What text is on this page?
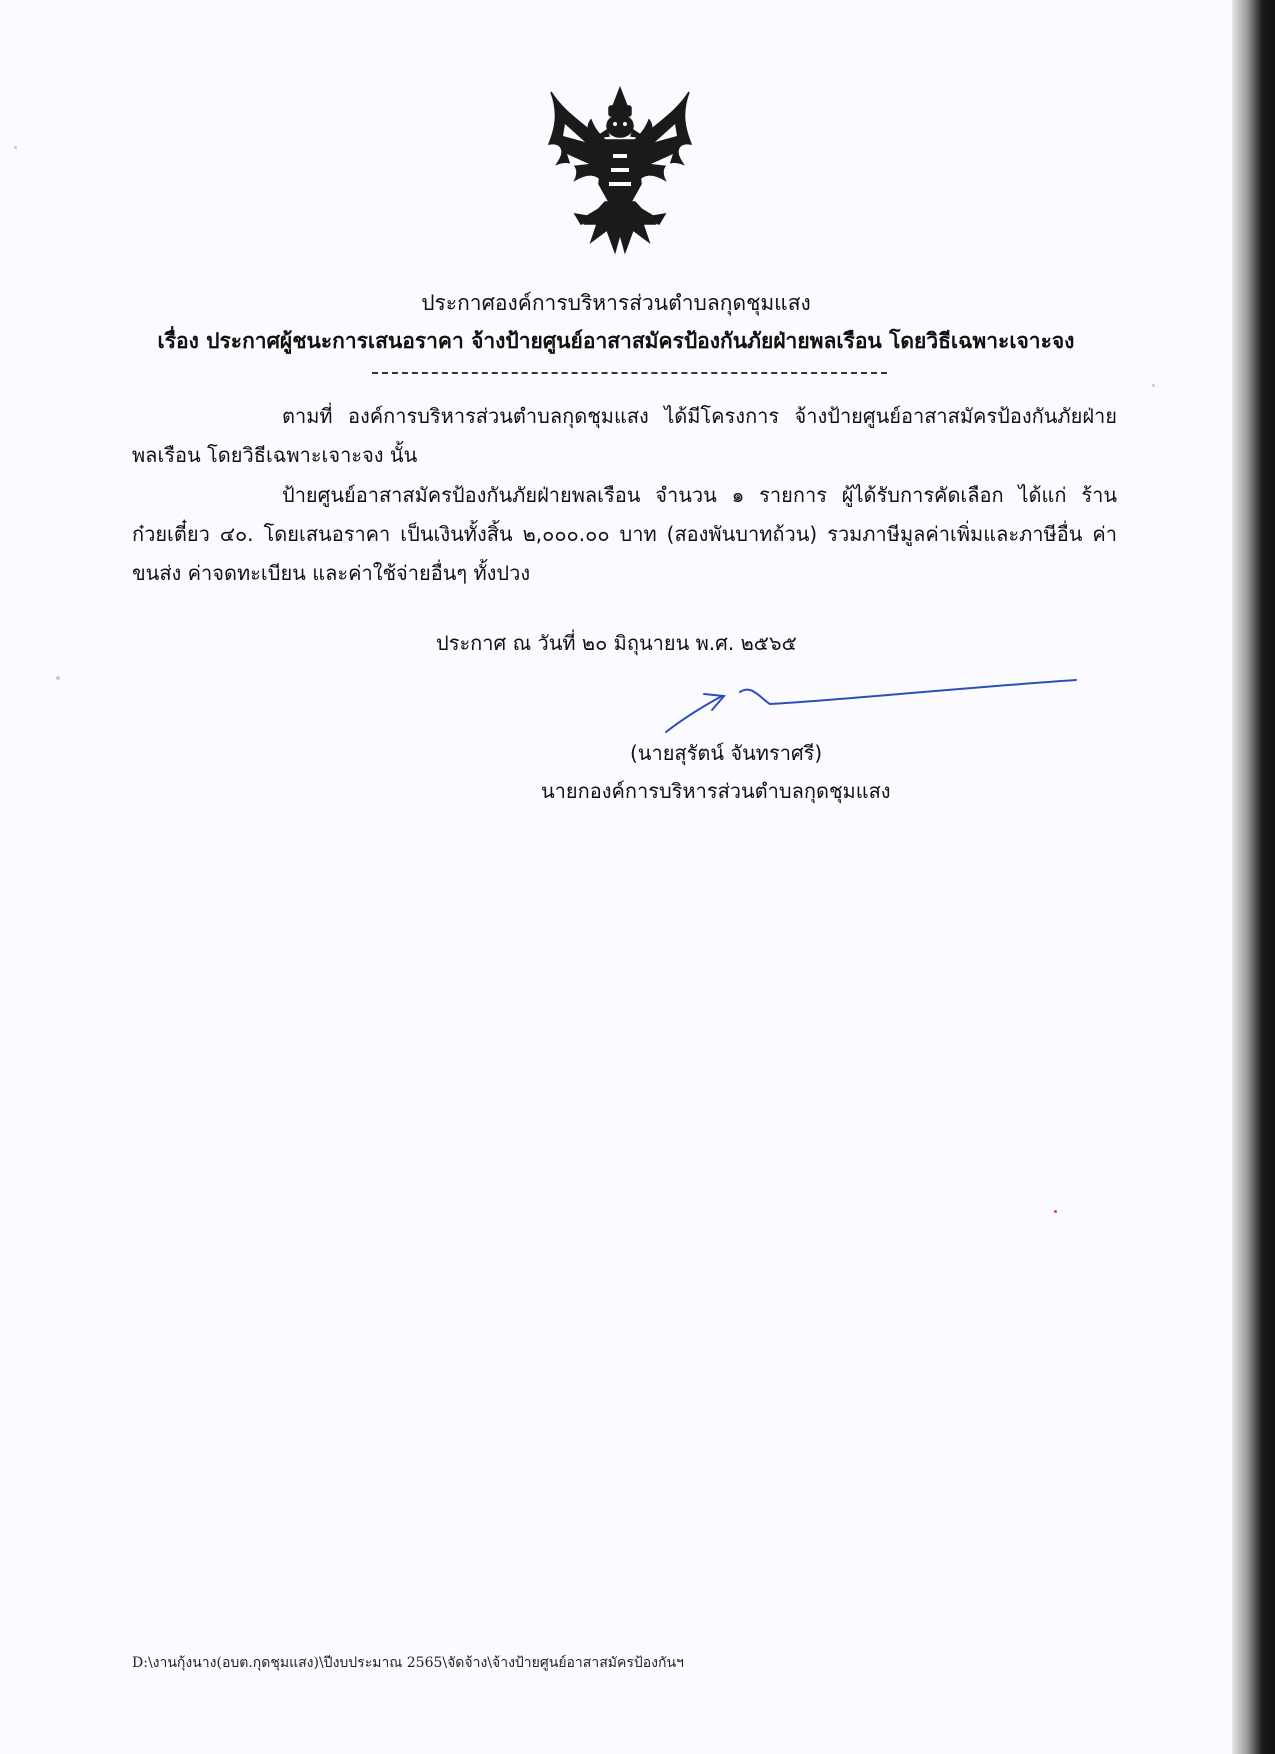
ประกาศองค์การบริหารส่วนตำบลกุดชุมแสง
เรื่อง ประกาศผู้ชนะการเสนอราคา จ้างป้ายศูนย์อาสาสมัครป้องกันภัยฝ่ายพลเรือน โดยวิธีเฉพาะเจาะจง
ตามที่ องค์การบริหารส่วนตำบลกุดชุมแสง ได้มีโครงการ จ้างป้ายศูนย์อาสาสมัครป้องกันภัยฝ่ายพลเรือน โดยวิธีเฉพาะเจาะจง นั้น
ป้ายศูนย์อาสาสมัครป้องกันภัยฝ่ายพลเรือน จำนวน ๑ รายการ ผู้ได้รับการคัดเลือก ได้แก่ ร้านก๋วยเตี๋ยว ๔๐. โดยเสนอราคา เป็นเงินทั้งสิ้น ๒,๐๐๐.๐๐ บาท (สองพันบาทถ้วน) รวมภาษีมูลค่าเพิ่มและภาษีอื่น ค่าขนส่ง ค่าจดทะเบียน และค่าใช้จ่ายอื่นๆ ทั้งปวง
ประกาศ ณ วันที่ ๒๐ มิถุนายน พ.ศ. ๒๕๖๕
(นายสุรัตน์ จันทราศรี)
นายกองค์การบริหารส่วนตำบลกุดชุมแสง
D:\งานกุ้งนาง(อบต.กุดชุมแสง)\ปีงบประมาณ 2565\จัดจ้าง\จ้างป้ายศูนย์อาสาสมัครป้องกันฯ
